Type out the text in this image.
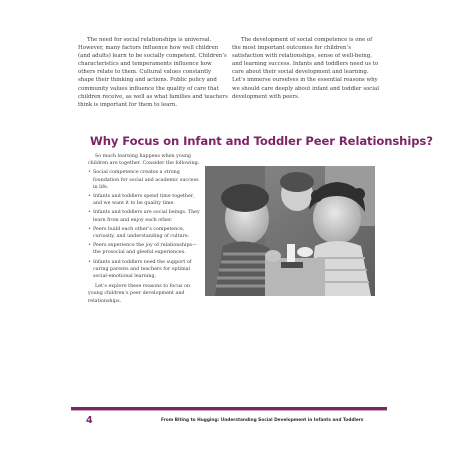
The need for social relationships is universal. However, many factors influence how well children (and adults) learn to be socially competent. Children’s characteristics and temperaments influence how others relate to them. Cultural values constantly shape their thinking and actions. Public policy and community values influence the quality of care that children receive, as well as what families and teachers think is important for them to learn.

The development of social competence is one of the most important outcomes for children’s satisfaction with relationships, sense of well-being, and learning success. Infants and toddlers need us to care about their social development and learning. Let’s immerse ourselves in the essential reasons why we should care deeply about infant and toddler social development with peers.

Why Focus on Infant and Toddler Peer Relationships?

So much learning happens when young children are together. Consider the following:

• Social competence creates a strong foundation for social and academic success in life.
• Infants and toddlers spend time together, and we want it to be quality time.
• Infants and toddlers are social beings. They learn from and enjoy each other.
• Peers build each other’s competence, curiosity, and understanding of culture.
• Peers experience the joy of relationships—the prosocial and gleeful experiences.
• Infants and toddlers need the support of caring parents and teachers for optimal social-emotional learning.

Let’s explore these reasons to focus on young children’s peer development and relationships.

4	From Biting to Hugging: Understanding Social Development in Infants and Toddlers
